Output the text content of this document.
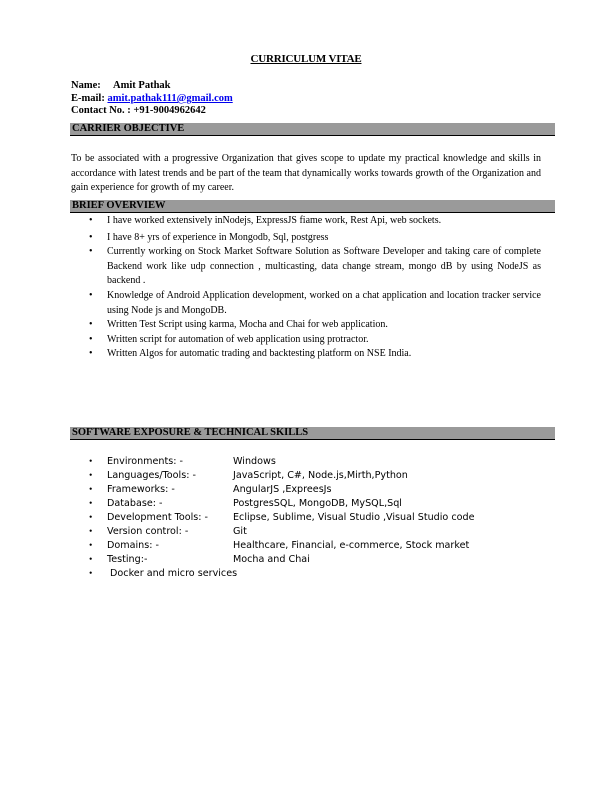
CURRICULUM VITAE
Name: Amit Pathak
E-mail: amit.pathak111@gmail.com
Contact No. : +91-9004962642
CARRIER OBJECTIVE
To be associated with a progressive Organization that gives scope to update my practical knowledge and skills in accordance with latest trends and be part of the team that dynamically works towards growth of the Organization and gain experience for growth of my career.
BRIEF OVERVIEW
• I have worked extensively inNodejs, ExpressJS fiame work, Rest Api, web sockets.
• I have 8+ yrs of experience in Mongodb, Sql, postgress
• Currently working on Stock Market Software Solution as Software Developer and taking care of complete Backend work like udp connection , multicasting, data change stream, mongo dB by using NodeJS as backend .
• Knowledge of Android Application development, worked on a chat application and location tracker service using Node js and MongoDB.
• Written Test Script using karma, Mocha and Chai for web application.
• Written script for automation of web application using protractor.
• Written Algos for automatic trading and backtesting platform on NSE India.
SOFTWARE EXPOSURE & TECHNICAL SKILLS
• Environments: -	Windows
• Languages/Tools: -	JavaScript, C#, Node.js,Mirth,Python
• Frameworks: -	AngularJS ,ExpreesJs
• Database: -	PostgresSQL, MongoDB, MySQL,Sql
• Development Tools: -	Eclipse, Sublime, Visual Studio ,Visual Studio code
• Version control: -	Git
• Domains: -	Healthcare, Financial, e-commerce, Stock market
• Testing:-	Mocha and Chai
• Docker and micro services
